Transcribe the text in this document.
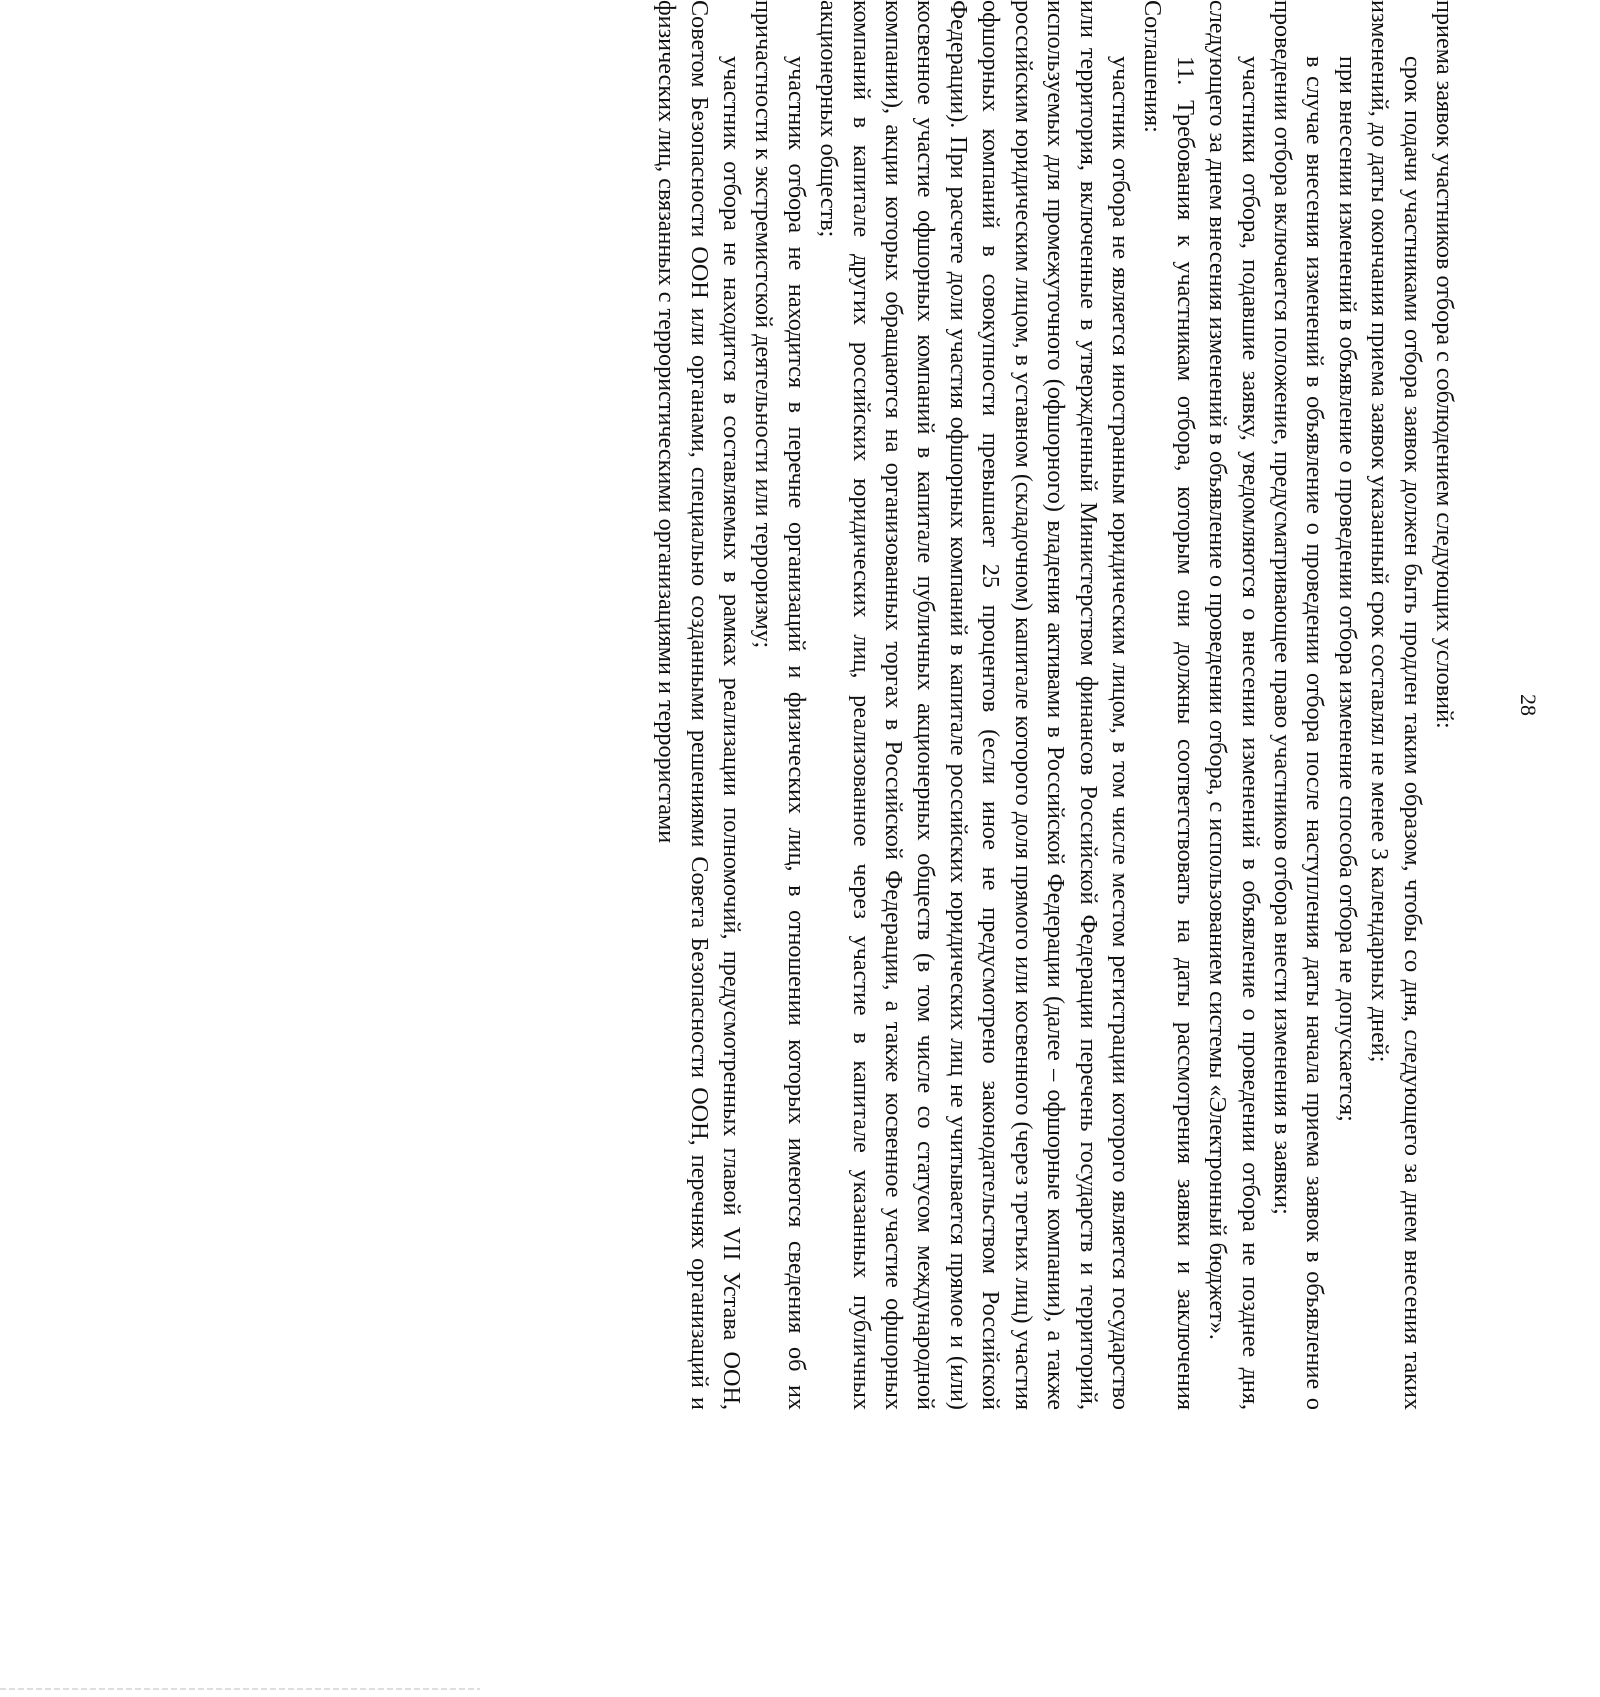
28

приема заявок участников отбора с соблюдением следующих условий:

срок подачи участниками отбора заявок должен быть продлен таким образом, чтобы со дня, следующего за днем внесения таких изменений, до даты окончания приема заявок указанный срок составлял не менее 3 календарных дней;

при внесении изменений в объявление о проведении отбора изменение способа отбора не допускается;

в случае внесения изменений в объявление о проведении отбора после наступления даты начала приема заявок в объявление о проведении отбора включается положение, предусматривающее право участников отбора внести изменения в заявки;

участники отбора, подавшие заявку, уведомляются о внесении изменений в объявление о проведении отбора не позднее дня, следующего за днем внесения изменений в объявление о проведении отбора, с использованием системы «Электронный бюджет».

11. Требования к участникам отбора, которым они должны соответствовать на даты рассмотрения заявки и заключения Соглашения:

участник отбора не является иностранным юридическим лицом, в том числе местом регистрации которого является государство или территория, включенные в утвержденный Министерством финансов Российской Федерации перечень государств и территорий, используемых для промежуточного (офшорного) владения активами в Российской Федерации (далее – офшорные компании), а также российским юридическим лицом, в уставном (складочном) капитале которого доля прямого или косвенного (через третьих лиц) участия офшорных компаний в совокупности превышает 25 процентов (если иное не предусмотрено законодательством Российской Федерации). При расчете доли участия офшорных компаний в капитале российских юридических лиц не учитывается прямое и (или) косвенное участие офшорных компаний в капитале публичных акционерных обществ (в том числе со статусом международной компании), акции которых обращаются на организованных торгах в Российской Федерации, а также косвенное участие офшорных компаний в капитале других российских юридических лиц, реализованное через участие в капитале указанных публичных акционерных обществ;

участник отбора не находится в перечне организаций и физических лиц, в отношении которых имеются сведения об их причастности к экстремистской деятельности или терроризму;

участник отбора не находится в составляемых в рамках реализации полномочий, предусмотренных главой VII Устава ООН, Советом Безопасности ООН или органами, специально созданными решениями Совета Безопасности ООН, перечнях организаций и физических лиц, связанных с террористическими организациями и террористами
